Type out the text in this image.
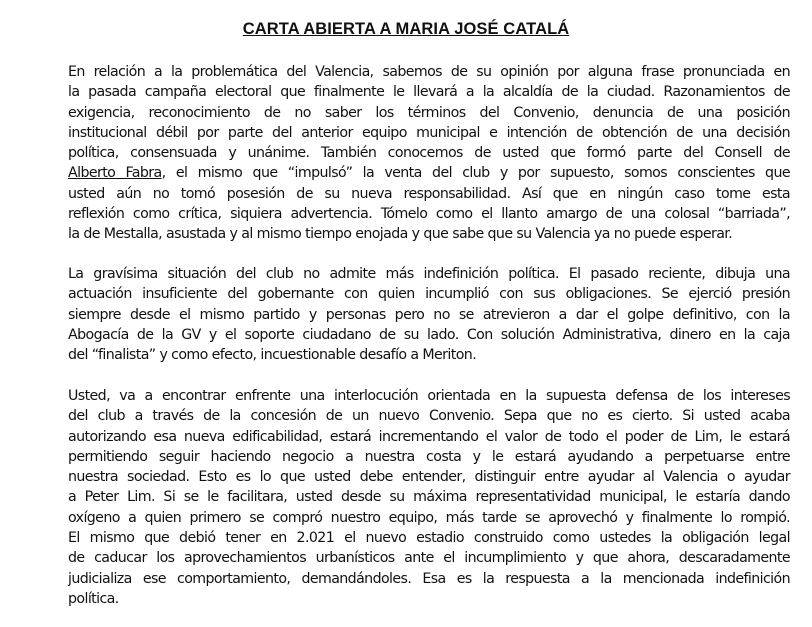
CARTA ABIERTA A MARIA JOSÉ CATALÁ
En relación a la problemática del Valencia, sabemos de su opinión por alguna frase pronunciada en
la pasada campaña electoral que finalmente le llevará a la alcaldía de la ciudad. Razonamientos de
exigencia, reconocimiento de no saber los términos del Convenio, denuncia de una posición
institucional débil por parte del anterior equipo municipal e intención de obtención de una decisión
política, consensuada y unánime. También conocemos de usted que formó parte del Consell de
Alberto Fabra, el mismo que “impulsó” la venta del club y por supuesto, somos conscientes que
usted aún no tomó posesión de su nueva responsabilidad. Así que en ningún caso tome esta
reflexión como crítica, siquiera advertencia. Tómelo como el llanto amargo de una colosal “barriada”,
la de Mestalla, asustada y al mismo tiempo enojada y que sabe que su Valencia ya no puede esperar.
La gravísima situación del club no admite más indefinición política. El pasado reciente, dibuja una
actuación insuficiente del gobernante con quien incumplió con sus obligaciones. Se ejerció presión
siempre desde el mismo partido y personas pero no se atrevieron a dar el golpe definitivo, con la
Abogacía de la GV y el soporte ciudadano de su lado. Con solución Administrativa, dinero en la caja
del “finalista” y como efecto, incuestionable desafío a Meriton.
Usted, va a encontrar enfrente una interlocución orientada en la supuesta defensa de los intereses
del club a través de la concesión de un nuevo Convenio. Sepa que no es cierto. Si usted acaba
autorizando esa nueva edificabilidad, estará incrementando el valor de todo el poder de Lim, le estará
permitiendo seguir haciendo negocio a nuestra costa y le estará ayudando a perpetuarse entre
nuestra sociedad. Esto es lo que usted debe entender, distinguir entre ayudar al Valencia o ayudar
a Peter Lim. Si se le facilitara, usted desde su máxima representatividad municipal, le estaría dando
oxígeno a quien primero se compró nuestro equipo, más tarde se aprovechó y finalmente lo rompió.
El mismo que debió tener en 2.021 el nuevo estadio construido como ustedes la obligación legal
de caducar los aprovechamientos urbanísticos ante el incumplimiento y que ahora, descaradamente
judicializa ese comportamiento, demandándoles. Esa es la respuesta a la mencionada indefinición
política.
